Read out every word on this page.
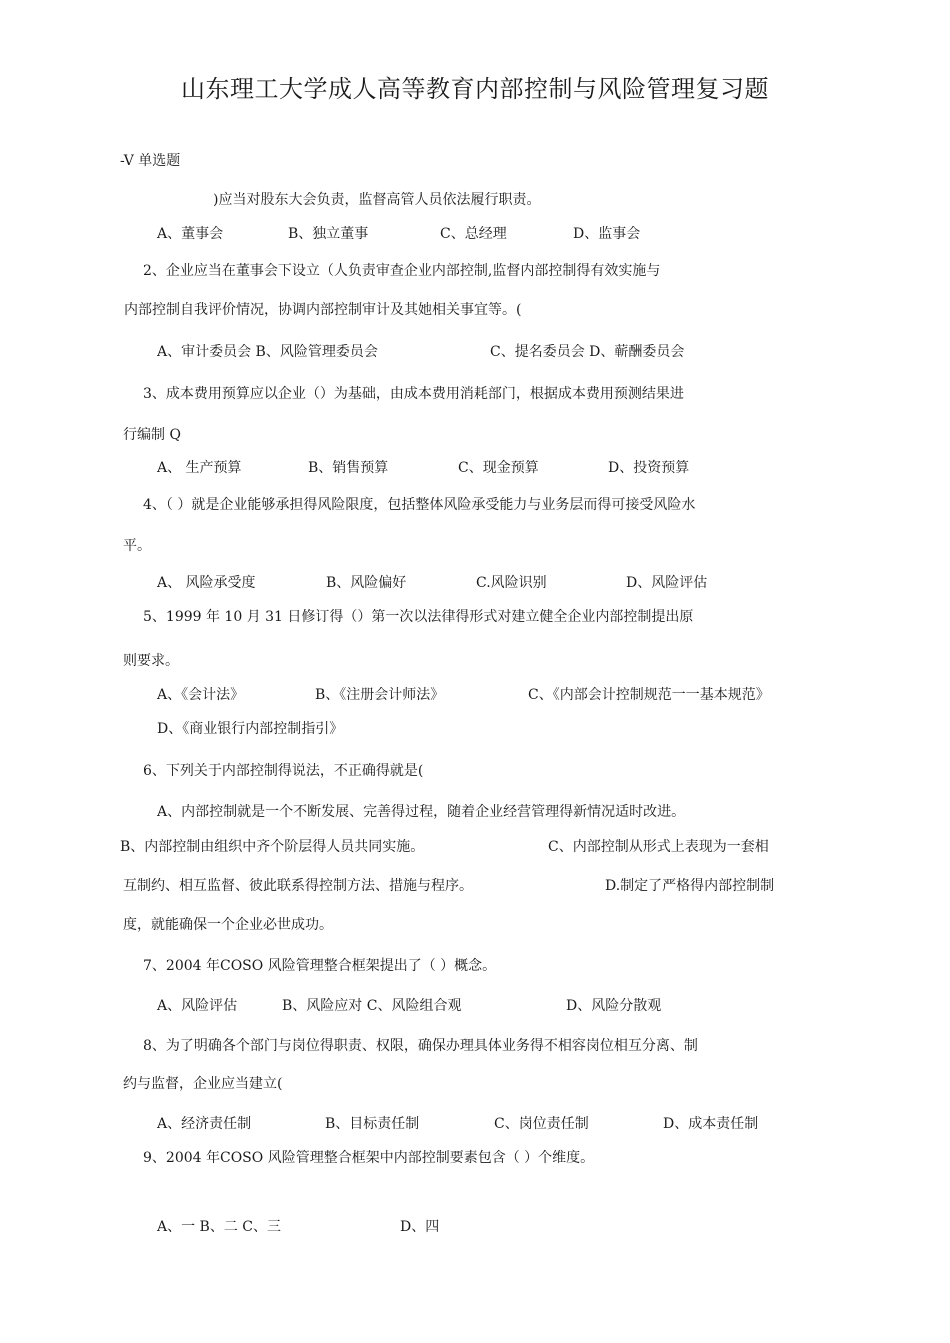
山东理工大学成人高等教育内部控制与风险管理复习题
-V 单选题
)应当对股东大会负责，监督高管人员依法履行职责。
A、董事会	B、独立董事	C、总经理	D、监事会
2、企业应当在董事会下设立（人负责审查企业内部控制,监督内部控制得有效实施与
内部控制自我评价情况，协调内部控制审计及其她相关事宜等。(
A、审计委员会 B、风险管理委员会	C、提名委员会 D、蕲酬委员会
3、成本费用预算应以企业（）为基础，由成本费用消耗部门，根据成本费用预测结果进
行编制 Q
A、 生产预算	B、销售预算	C、现金预算	D、投资预算
4、（ ）就是企业能够承担得风险限度，包括整体风险承受能力与业务层而得可接受风险水
平。
A、 风险承受度	B、风险偏好	C.风险识别	D、风险评估
5、1999 年 10 月 31 日修订得（）第一次以法律得形式对建立健全企业内部控制提出原
则要求。
A、《会计法》	B、《注册会计师法》	C、《内部会计控制规范一一基本规范》
D、《商业银行内部控制指引》
6、下列关于内部控制得说法，不正确得就是(
A、内部控制就是一个不断发展、完善得过程，随着企业经营管理得新情况适时改进。
B、内部控制由组织中齐个阶层得人员共同实施。	C、内部控制从形式上表现为一套相
互制约、相互监督、彼此联系得控制方法、措施与程序。	D.制定了严格得内部控制制
度，就能确保一个企业必世成功。
7、2004 年COSO 风险管理整合框架提出了（ ）概念。
A、风险评估	B、风险应对 C、风险组合观	D、风险分散观
8、为了明确各个部门与岗位得职责、权限，确保办理具体业务得不相容岗位相互分离、制
约与监督，企业应当建立(
A、经济责任制	B、目标责任制	C、岗位责任制	D、成本责任制
9、2004 年COSO 风险管理整合框架中内部控制要素包含（ ）个维度。
A、一 B、二 C、三	D、四
